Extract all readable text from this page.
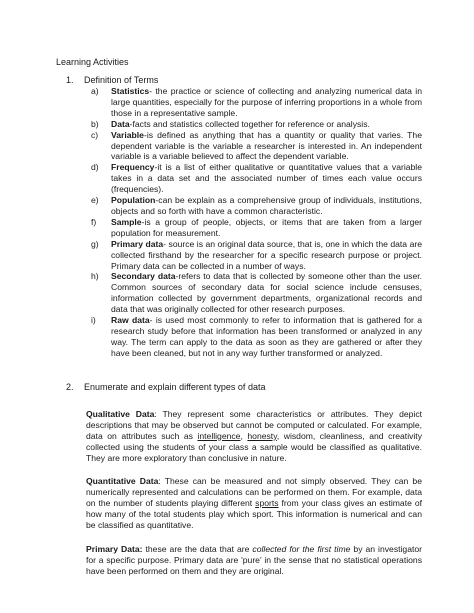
Learning Activities
1. Definition of Terms
a)	Statistics- the practice or science of collecting and analyzing numerical data in large quantities, especially for the purpose of inferring proportions in a whole from those in a representative sample.
b)	Data-facts and statistics collected together for reference or analysis.
c)	Variable-is defined as anything that has a quantity or quality that varies. The dependent variable is the variable a researcher is interested in. An independent variable is a variable believed to affect the dependent variable.
d)	Frequency-it is a list of either qualitative or quantitative values that a variable takes in a data set and the associated number of times each value occurs (frequencies).
e)	Population-can be explain as a comprehensive group of individuals, institutions, objects and so forth with have a common characteristic.
f)	Sample-is a group of people, objects, or items that are taken from a larger population for measurement.
g)	Primary data- source is an original data source, that is, one in which the data are collected firsthand by the researcher for a specific research purpose or project. Primary data can be collected in a number of ways.
h)	Secondary data-refers to data that is collected by someone other than the user. Common sources of secondary data for social science include censuses, information collected by government departments, organizational records and data that was originally collected for other research purposes.
i)	Raw data- is used most commonly to refer to information that is gathered for a research study before that information has been transformed or analyzed in any way. The term can apply to the data as soon as they are gathered or after they have been cleaned, but not in any way further transformed or analyzed.
2. Enumerate and explain different types of data
Qualitative Data: They represent some characteristics or attributes. They depict descriptions that may be observed but cannot be computed or calculated. For example, data on attributes such as intelligence, honesty, wisdom, cleanliness, and creativity collected using the students of your class a sample would be classified as qualitative. They are more exploratory than conclusive in nature.
Quantitative Data: These can be measured and not simply observed. They can be numerically represented and calculations can be performed on them. For example, data on the number of students playing different sports from your class gives an estimate of how many of the total students play which sport. This information is numerical and can be classified as quantitative.
Primary Data: these are the data that are collected for the first time by an investigator for a specific purpose. Primary data are 'pure' in the sense that no statistical operations have been performed on them and they are original.
